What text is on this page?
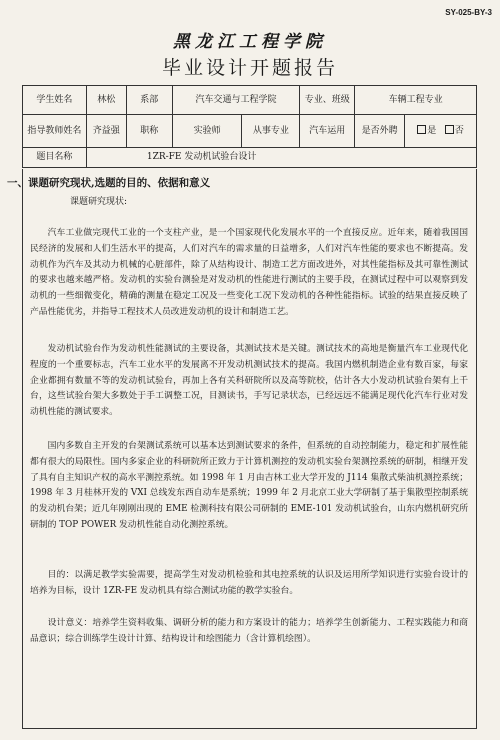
SY-025-BY-3
黑龙江工程学院
毕业设计开题报告
学生姓名	林松	系部	汽车交通与工程学院		专业、班级	车辆工程专业	
指导教师姓名	齐益强	职称	实验师	从事专业	汽车运用	是否外聘	是 否
题目名称	1ZR-FE 发动机试验台设计						
一、课题研究现状,选题的目的、依据和意义
课题研究现状:

汽车工业做完现代工业的一个支柱产业，是一个国家现代化发展水平的一个直接反应。近年来，随着我国国民经济的发展和人们生活水平的提高，人们对汽车的需求量的日益增多，人们对汽车性能的要求也不断提高。发动机作为汽车及其动力机械的心脏部件，除了从结构设计、制造工艺方面改进外，对其性能指标及其可靠性测试的要求也越来越严格。发动机的实验台测验是对发动机的性能进行测试的主要手段，在测试过程中可以观察到发动机的一些细微变化，精确的测量在稳定工况及一些变化工况下发动机的各种性能指标。试验的结果直接反映了产品性能优劣，并指导工程技术人员改进发动机的设计和制造工艺。

发动机试验台作为发动机性能测试的主要设备，其测试技术是关键。测试技术的高地是衡量汽车工业现代化程度的一个重要标志，汽车工业水平的发展离不开发动机测试技术的提高。我国内燃机制造企业有数百家，每家企业都拥有数量不等的发动机试验台，再加上各有关科研院所以及高等院校，估计各大小发动机试验台架有上千台，这些试验台架大多数处于手工调整工况，目测读书，手写记录状态，已经远远不能满足现代化汽车行业对发动机性能的测试要求。

国内多数自主开发的台架测试系统可以基本达到测试要求的条件，但系统的自动控制能力，稳定和扩展性能都有很大的局限性。国内多家企业的科研院所正致力于计算机测控的发动机实验台架测控系统的研制，相继开发了具有自主知识产权的高水平测控系统。如 1998 年 1 月由吉林工业大学开发的 J114 集散式柴油机测控系统；1998 年 3 月桂林开发的 VXI 总线发东西自动车是系统；1999 年 2 月北京工业大学研制了基于集散型控制系统的发动机台架；近几年刚刚出现的 EME 检测科技有限公司研制的 EME-101 发动机试验台，山东内燃机研究所研制的 TOP POWER 发动机性能自动化测控系统。

目的：以满足教学实验需要，提高学生对发动机检验和其电控系统的认识及运用所学知识进行实验台设计的培养为目标，设计 1ZR-FE 发动机具有综合测试功能的教学实验台。

设计意义：培养学生资料收集、调研分析的能力和方案设计的能力；培养学生创新能力、工程实践能力和商品意识；综合训练学生设计计算、结构设计和绘图能力（含计算机绘图）。
